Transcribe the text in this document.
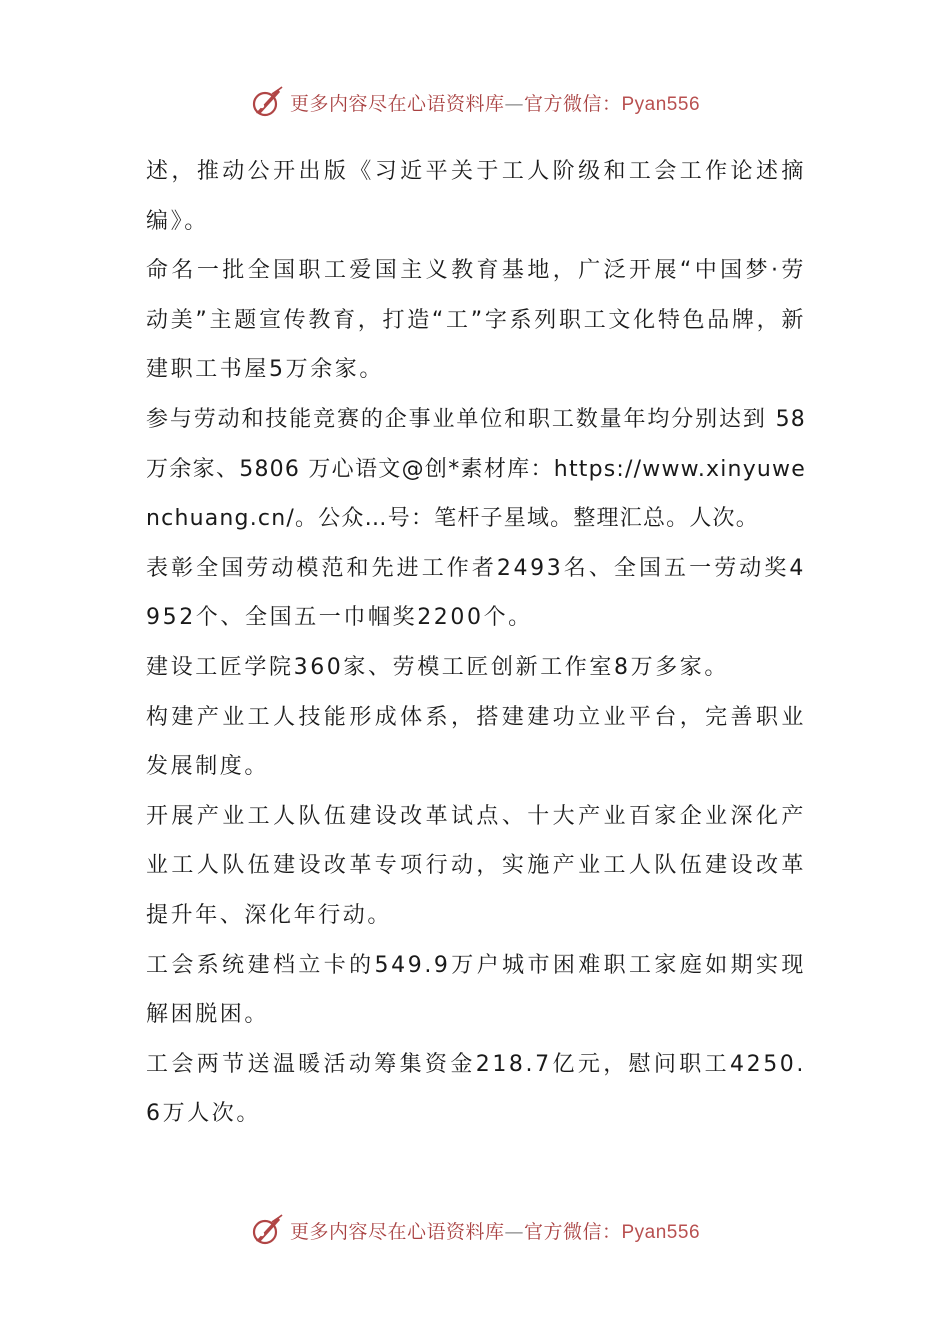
更多内容尽在心语资料库—官方微信：Pyan556

述，推动公开出版《习近平关于工人阶级和工会工作论述摘编》。

命名一批全国职工爱国主义教育基地，广泛开展“中国梦·劳动美”主题宣传教育，打造“工”字系列职工文化特色品牌，新建职工书屋5万余家。

参与劳动和技能竞赛的企事业单位和职工数量年均分别达到 58 万余家、5806 万心语文@创*素材库：https://www.xinyuwenchuang.cn/。公众…号：笔杆子星域。整理汇总。人次。

表彰全国劳动模范和先进工作者2493名、全国五一劳动奖4952个、全国五一巾帼奖2200个。

建设工匠学院360家、劳模工匠创新工作室8万多家。

构建产业工人技能形成体系，搭建建功立业平台，完善职业发展制度。

开展产业工人队伍建设改革试点、十大产业百家企业深化产业工人队伍建设改革专项行动，实施产业工人队伍建设改革提升年、深化年行动。

工会系统建档立卡的549.9万户城市困难职工家庭如期实现解困脱困。

工会两节送温暖活动筹集资金218.7亿元，慰问职工4250.6万人次。

更多内容尽在心语资料库—官方微信：Pyan556
